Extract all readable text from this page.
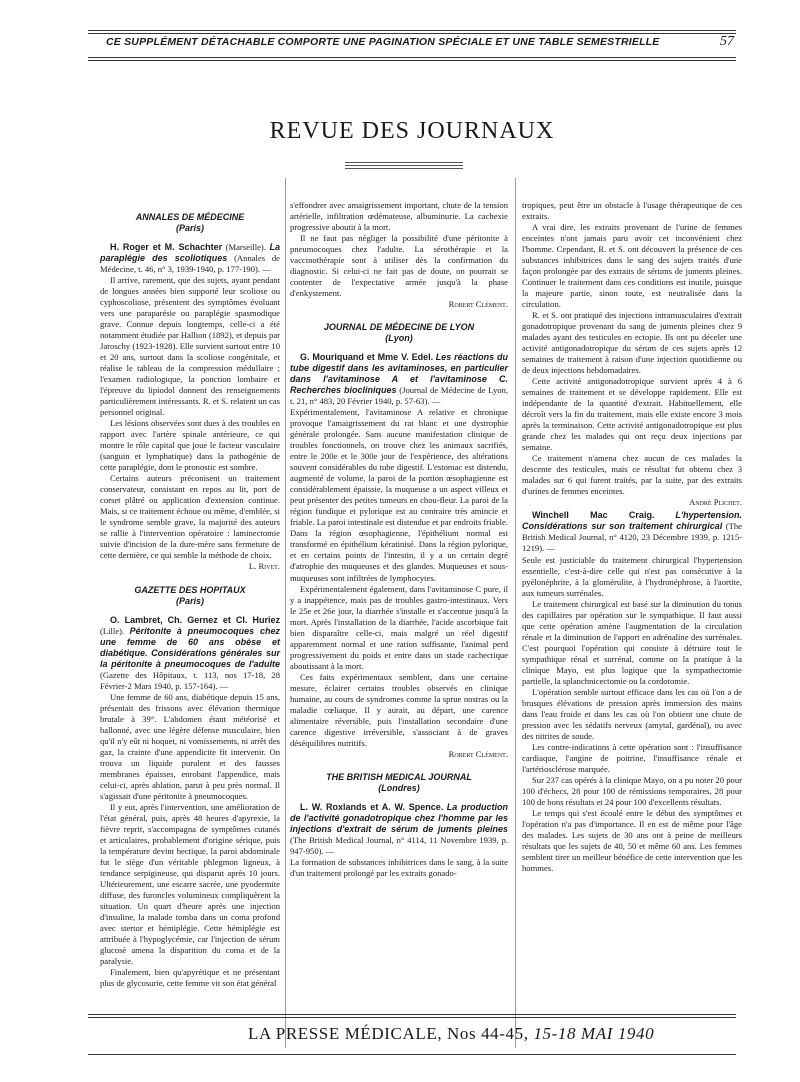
CE SUPPLÉMENT DÉTACHABLE COMPORTE UNE PAGINATION SPÉCIALE ET UNE TABLE SEMESTRIELLE	57
REVUE DES JOURNAUX

ANNALES DE MÉDECINE

(Paris)

H. Roger et M. Schachter (Marseille). La paraplégie des scoliotiques (Annales de Médecine, t. 46, n° 3, 1939-1940, p. 177-190). —

Il arrive, rarement, que des sujets, ayant pendant de longues années bien supporté leur scoliose ou cyphoscoliose, présentent des symptômes évoluant vers une paraparésie ou paraplégie spasmodique grave. Connue depuis longtemps, celle-ci a été notamment étudiée par Hallion (1892), et depuis par Jaroschy (1923-1928). Elle survient surtout entre 10 et 20 ans, surtout dans la scoliose congénitale, et réalise le tableau de la compression médullaire ; l'examen radiologique, la ponction lombaire et l'épreuve du lipiodol donnent des renseignements particulièrement intéressants. R. et S. relatent un cas personnel original.

Les lésions observées sont dues à des troubles en rapport avec l'artère spinale antérieure, ce qui montre le rôle capital que joue le facteur vasculaire (sanguin et lymphatique) dans la pathogénie de cette paraplégie, dont le pronostic est sombre.

Certains auteurs préconisent un traitement conservateur, consistant en repos au lit, port de corset plâtré ou application d'extension continue. Mais, si ce traitement échoue ou même, d'emblée, si le syndrome semble grave, la majorité des auteurs se rallie à l'intervention opératoire : laminectomie suivie d'incision de la dure-mère sans fermeture de cette dernière, ce qui semble la méthode de choix.

L. Rivet.

GAZETTE DES HOPITAUX

(Paris)

O. Lambret, Ch. Gernez et Cl. Huriez (Lille). Péritonite à pneumocoques chez une femme de 60 ans obèse et diabétique. Considérations générales sur la péritonite à pneumocoques de l'adulte (Gazette des Hôpitaux, t. 113, nos 17-18, 28 Février-2 Mars 1940, p. 157-164). —

Une femme de 60 ans, diabétique depuis 15 ans, présentait des frissons avec élévation thermique brutale à 39°. L'abdomen étant météorisé et ballonné, avec une légère défense musculaire, bien qu'il n'y eût ni hoquet, ni vomissements, ni arrêt des gaz, la crainte d'une appendicite fit intervenir. On trouva un liquide purulent et des fausses membranes épaisses, enrobant l'appendice, mais celui-ci, après ablation, parut à peu près normal. Il s'agissait d'une péritonite à pneumocoques.

Il y eut, après l'intervention, une amélioration de l'état général, puis, après 48 heures d'apyrexie, la fièvre reprit, s'accompagna de symptômes cutanés et articulaires, probablement d'origine sérique, puis la température devint hectique, la paroi abdominale fut le siège d'un véritable phlegmon ligneux, à tendance serpigineuse, qui disparut après 10 jours. Ultérieurement, une escarre sacrée, une pyodermite diffuse, des furoncles volumineux compliquèrent la situation. Un quart d'heure après une injection d'insuline, la malade tomba dans un coma profond avec stertor et hémiplégie. Cette hémiplégie est attribuée à l'hypoglycémie, car l'injection de sérum glucosé amena la disparition du coma et de la paralysie.

Finalement, bien qu'apyrétique et ne présentant plus de glycosurie, cette femme vit son état général

s'effondrer avec amaigrissement important, chute de la tension artérielle, infiltration œdémateuse, albuminurie. La cachexie progressive aboutit à la mort.

Il ne faut pas négliger la possibilité d'une péritonite à pneumocoques chez l'adulte. La sérothérapie et la vaccinothérapie sont à utiliser dès la confirmation du diagnostic. Si celui-ci ne fait pas de doute, on pourrait se contenter de l'expectative armée jusqu'à la phase d'enkystement.

Robert Clément.

JOURNAL DE MÉDECINE DE LYON

(Lyon)

G. Mouriquand et Mme V. Edel. Les réactions du tube digestif dans les avitaminoses, en particulier dans l'avitaminose A et l'avitaminose C. Recherches biocliniques (Journal de Médecine de Lyon, t. 21, n° 483, 20 Février 1940, p. 57-63). —

Expérimentalement, l'avitaminose A relative et chronique provoque l'amaigrissement du rat blanc et une dystrophie générale prolongée. Sans aucune manifestation clinique de troubles fonctionnels, on trouve chez les animaux sacrifiés, entre le 200e et le 300e jour de l'expérience, des altérations souvent considérables du tube digestif. L'estomac est distendu, augmenté de volume, la paroi de la portion œsophagienne est considérablement épaissie, la muqueuse a un aspect villeux et peut présenter des petites tumeurs en chou-fleur. La paroi de la région fundique et pylorique est au contraire très amincie et friable. La paroi intestinale est distendue et par endroits friable. Dans la région œsophagienne, l'épithélium normal est transformé en épithélium kératinisé. Dans la région pylorique, et en certains points de l'intestin, il y a un certain degré d'atrophie des muqueuses et des glandes. Muqueuses et sous-muqueuses sont infiltrées de lymphocytes.

Expérimentalement également, dans l'avitaminose C pure, il y a inappétence, mais pas de troubles gastro-intestinaux. Vers le 25e et 26e jour, la diarrhée s'installe et s'accentue jusqu'à la mort. Après l'installation de la diarrhée, l'acide ascorbique fait bien disparaître celle-ci, mais malgré un réel digestif apparemment normal et une ration suffisante, l'animal perd progressivement du poids et entre dans un stade cachectique aboutissant à la mort.

Ces faits expérimentaux semblent, dans une certaine mesure, éclairer certains troubles observés en clinique humaine, au cours de syndromes comme la sprue nostras ou la maladie cœliaque. Il y aurait, au départ, une carence alimentaire réversible, puis l'installation secondaire d'une carence digestive irréversible, s'associant à de graves déséquilibres nutritifs.

Robert Clément.

THE BRITISH MEDICAL JOURNAL

(Londres)

L. W. Roxlands et A. W. Spence. La production de l'activité gonadotropique chez l'homme par les injections d'extrait de sérum de juments pleines (The British Medical Journal, n° 4114, 11 Novembre 1939, p. 947-950). —

La formation de substances inhibitrices dans le sang, à la suite d'un traitement prolongé par les extraits gonado-

tropiques, peut être un obstacle à l'usage thérapeutique de ces extraits.

A vrai dire, les extraits provenant de l'urine de femmes enceintes n'ont jamais paru avoir cet inconvénient chez l'homme. Cependant, R. et S. ont découvert la présence de ces substances inhibitrices dans le sang des sujets traités d'une façon prolongée par des extraits de sérums de juments pleines. Continuer le traitement dans ces conditions est inutile, puisque la majeure partie, sinon toute, est neutralisée dans la circulation.

R. et S. ont pratiqué des injections intramusculaires d'extrait gonadotropique provenant du sang de juments pleines chez 9 malades ayant des testicules en ectopie. Ils ont pu déceler une activité antigonadotropique du sérum de ces sujets après 12 semaines de traitement à raison d'une injection quotidienne ou de deux injections hebdomadaires.

Cette activité antigonadotropique survient après 4 à 6 semaines de traitement et se développe rapidement. Elle est indépendante de la quantité d'extrait. Habituellement, elle décroît vers la fin du traitement, mais elle existe encore 3 mois après la terminaison. Cette activité antigonadotropique est plus grande chez les malades qui ont reçu deux injections par semaine.

Ce traitement n'amena chez aucun de ces malades la descente des testicules, mais ce résultat fut obtenu chez 3 malades sur 6 qui furent traités, par la suite, par des extraits d'urines de femmes enceintes.

André Plichet.

Winchell Mac Craig. L'hypertension. Considérations sur son traitement chirurgical (The British Medical Journal, n° 4120, 23 Décembre 1939, p. 1215-1219). —

Seule est justiciable du traitement chirurgical l'hypertension essentielle, c'est-à-dire celle qui n'est pas consécutive à la pyélonéphrite, à la glomérulite, à l'hydronéphrose, à l'aortite, aux tumeurs surrénales.

Le traitement chirurgical est basé sur la diminution du tonus des capillaires par opération sur le sympathique. Il faut aussi que cette opération amène l'augmentation de la circulation rénale et la diminution de l'apport en adrénaline des surrénales. C'est pourquoi l'opération qui consiste à détruire tout le sympathique rénal et surrénal, comme on la pratique à la clinique Mayo, est plus logique que la sympathectomie partielle, la splanchnicectomie ou la cordotomie.

L'opération semble surtout efficace dans les cas où l'on a de brusques élévations de pression après immersion des mains dans l'eau froide et dans les cas où l'on obtient une chute de pression avec les sédatifs nerveux (amytal, gardénal), ou avec des nitrites de soude.

Les contre-indications à cette opération sont : l'insuffisance cardiaque, l'angine de poitrine, l'insuffisance rénale et l'artériosclérose marquée.

Sur 237 cas opérés à la clinique Mayo, on a pu noter 20 pour 100 d'échecs, 28 pour 100 de rémissions temporaires, 28 pour 100 de bons résultats et 24 pour 100 d'excellents résultats.

Le temps qui s'est écoulé entre le début des symptômes et l'opération n'a pas d'importance. Il en est de même pour l'âge des malades. Les sujets de 30 ans ont à peine de meilleurs résultats que les sujets de 40, 50 et même 60 ans. Les femmes semblent tirer un meilleur bénéfice de cette intervention que les hommes.

LA PRESSE MÉDICALE, Nos 44-45, 15-18 MAI 1940
